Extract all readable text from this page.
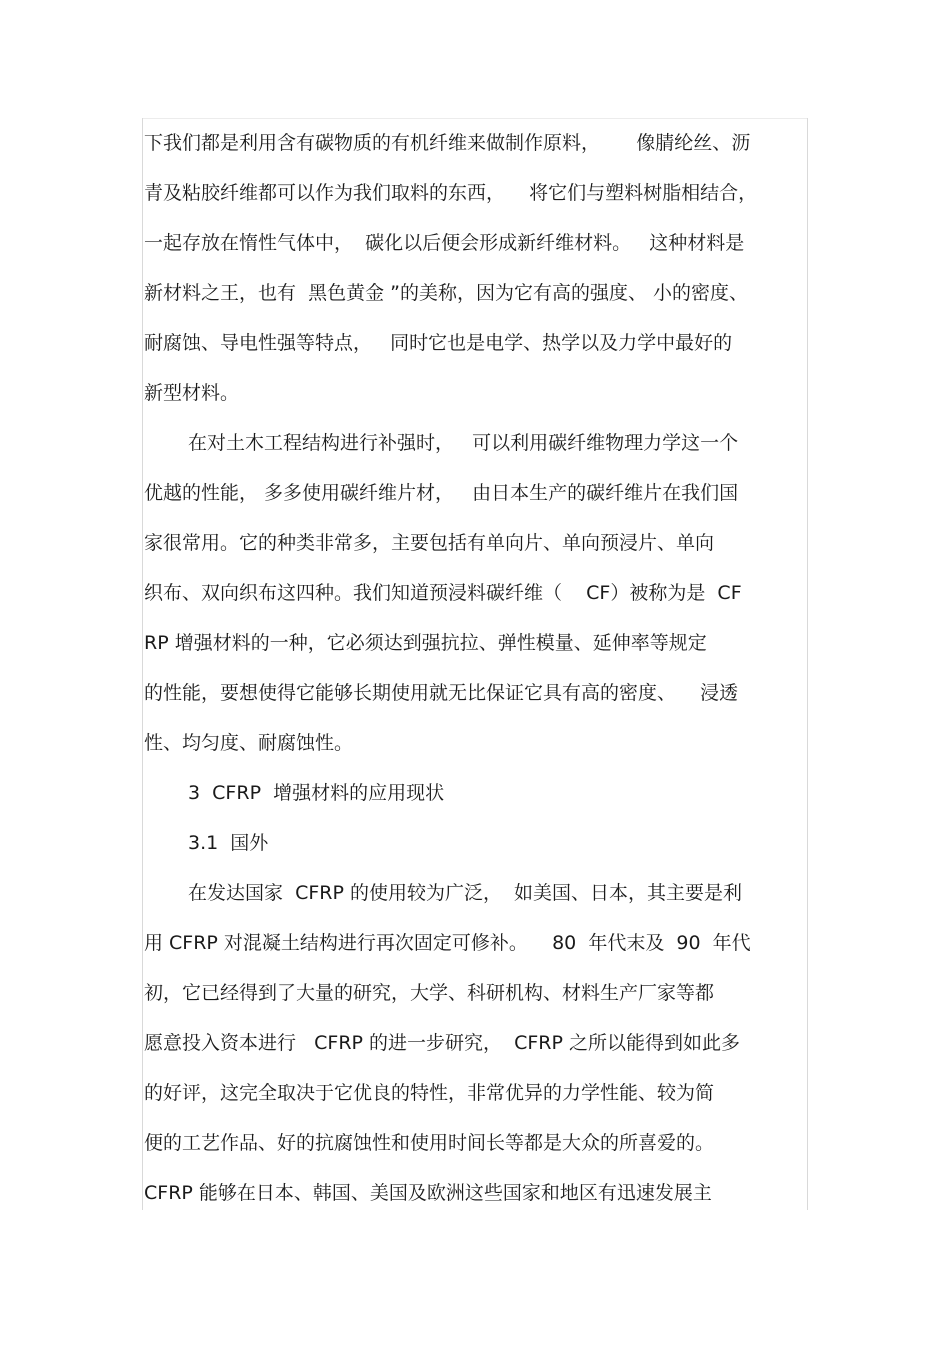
下我们都是利用含有碳物质的有机纤维来做制作原料，      像腈纶丝、沥
青及粘胶纤维都可以作为我们取料的东西，    将它们与塑料树脂相结合，
一起存放在惰性气体中，  碳化以后便会形成新纤维材料。   这种材料是
新材料之王，也有  黑色黄金 ”的美称，因为它有高的强度、 小的密度、
耐腐蚀、导电性强等特点，   同时它也是电学、热学以及力学中最好的
新型材料。
在对土木工程结构进行补强时，   可以利用碳纤维物理力学这一个
优越的性能， 多多使用碳纤维片材，   由日本生产的碳纤维片在我们国
家很常用。它的种类非常多，主要包括有单向片、单向预浸片、单向
织布、双向织布这四种。我们知道预浸料碳纤维（    CF）被称为是  CF
RP 增强材料的一种，它必须达到强抗拉、弹性模量、延伸率等规定
的性能，要想使得它能够长期使用就无比保证它具有高的密度、    浸透
性、均匀度、耐腐蚀性。
3  CFRP  增强材料的应用现状
3.1  国外
在发达国家  CFRP 的使用较为广泛，  如美国、日本，其主要是利
用 CFRP 对混凝土结构进行再次固定可修补。    80  年代末及  90  年代
初，它已经得到了大量的研究，大学、科研机构、材料生产厂家等都
愿意投入资本进行   CFRP 的进一步研究，  CFRP 之所以能得到如此多
的好评，这完全取决于它优良的特性，非常优异的力学性能、较为简
便的工艺作品、好的抗腐蚀性和使用时间长等都是大众的所喜爱的。
CFRP 能够在日本、韩国、美国及欧洲这些国家和地区有迅速发展主
